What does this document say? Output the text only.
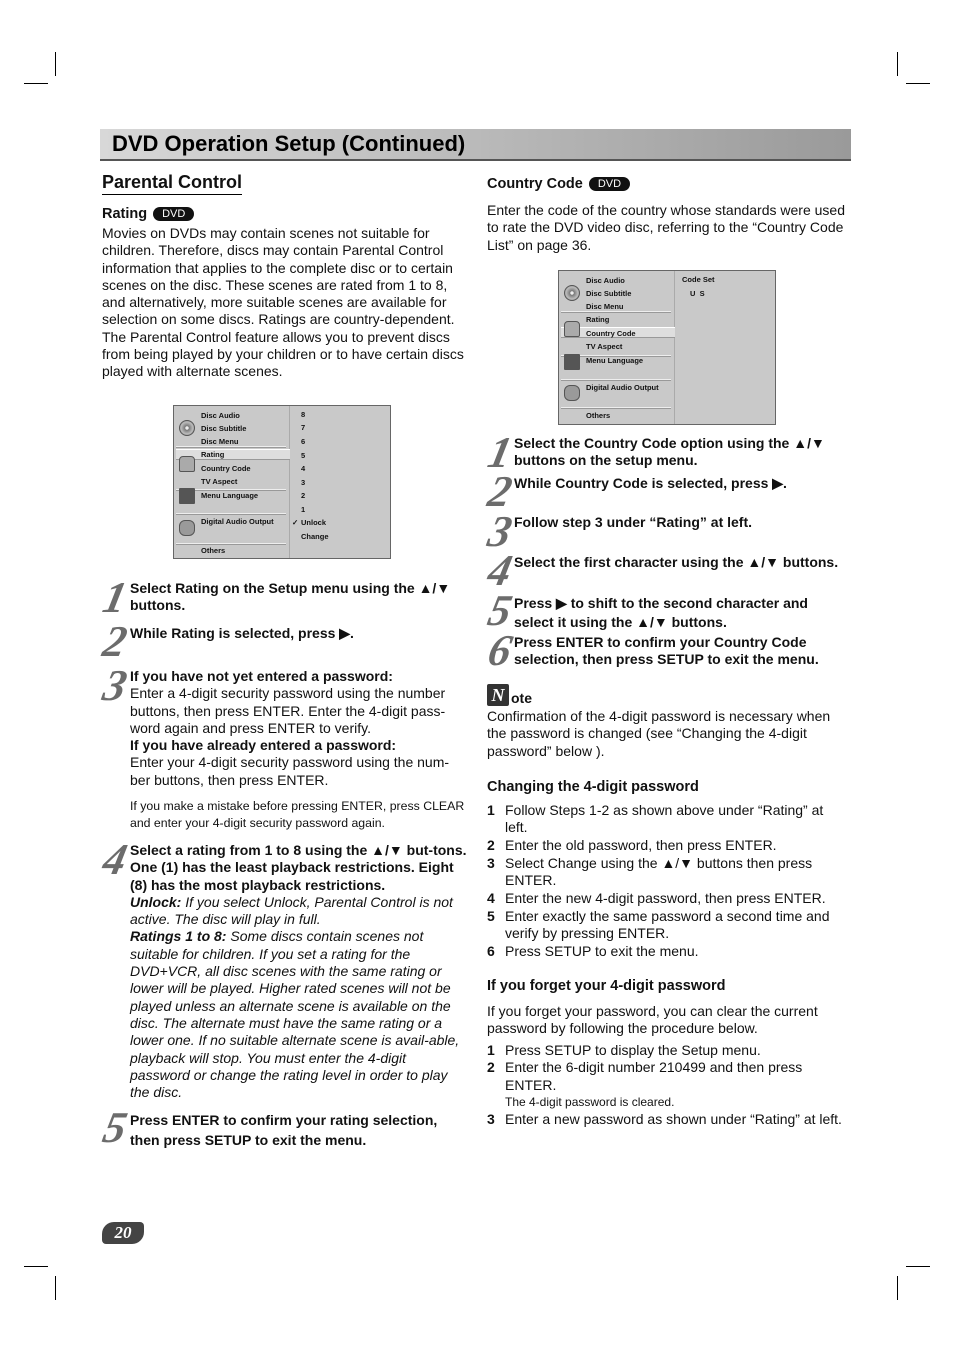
DVD Operation Setup (Continued)
Parental Control
Rating DVD

Movies on DVDs may contain scenes not suitable for children. Therefore, discs may contain Parental Control information that applies to the complete disc or to certain scenes on the disc. These scenes are rated from 1 to 8, and alternatively, more suitable scenes are available for selection on some discs. Ratings are country-dependent. The Parental Control feature allows you to prevent discs from being played by your children or to have certain discs played with alternate scenes.

Disc Audio
Disc Subtitle
Disc Menu
Rating
Country Code
TV Aspect
Menu Language
Digital Audio Output
Others
8
7
6
5
4
3
2
1
✓ Unlock
Change
1 Select Rating on the Setup menu using the ▲/▼ buttons.
2 While Rating is selected, press ▶.
3 If you have not yet entered a password:
Enter a 4-digit security password using the number buttons, then press ENTER. Enter the 4-digit pass-word again and press ENTER to verify.
If you have already entered a password:
Enter your 4-digit security password using the num-ber buttons, then press ENTER.
If you make a mistake before pressing ENTER, press CLEAR and enter your 4-digit security password again.
4 Select a rating from 1 to 8 using the ▲/▼ but-tons. One (1) has the least playback restrictions. Eight (8) has the most playback restrictions.
Unlock: If you select Unlock, Parental Control is not active. The disc will play in full.
Ratings 1 to 8: Some discs contain scenes not suitable for children. If you set a rating for the DVD+VCR, all disc scenes with the same rating or lower will be played. Higher rated scenes will not be played unless an alternate scene is available on the disc. The alternate must have the same rating or a lower one. If no suitable alternate scene is avail-able, playback will stop. You must enter the 4-digit password or change the rating level in order to play the disc.
5 Press ENTER to confirm your rating selection, then press SETUP to exit the menu.
Country Code DVD

Enter the code of the country whose standards were used to rate the DVD video disc, referring to the “Country Code List” on page 36.

Disc Audio
Disc Subtitle
Disc Menu
Rating
Country Code
TV Aspect
Menu Language
Digital Audio Output
Others
Code Set
U  S
1 Select the Country Code option using the ▲/▼ buttons on the setup menu.
2 While Country Code is selected, press ▶.
3 Follow step 3 under “Rating” at left.
4 Select the first character using the ▲/▼ buttons.
5 Press ▶ to shift to the second character and select it using the ▲/▼ buttons.
6 Press ENTER to confirm your Country Code selection, then press SETUP to exit the menu.
N ote

Confirmation of the 4-digit password is necessary when the password is changed (see “Changing the 4-digit password” below ).

Changing the 4-digit password
1 Follow Steps 1-2 as shown above under “Rating” at left.
2 Enter the old password, then press ENTER.
3 Select Change using the ▲/▼ buttons then press ENTER.
4 Enter the new 4-digit password, then press ENTER.
5 Enter exactly the same password a second time and verify by pressing ENTER.
6 Press SETUP to exit the menu.
If you forget your 4-digit password

If you forget your password, you can clear the current password by following the procedure below.

1 Press SETUP to display the Setup menu.
2 Enter the 6-digit number 210499 and then press ENTER.
The 4-digit password is cleared.
3 Enter a new password as shown under “Rating” at left.
20
